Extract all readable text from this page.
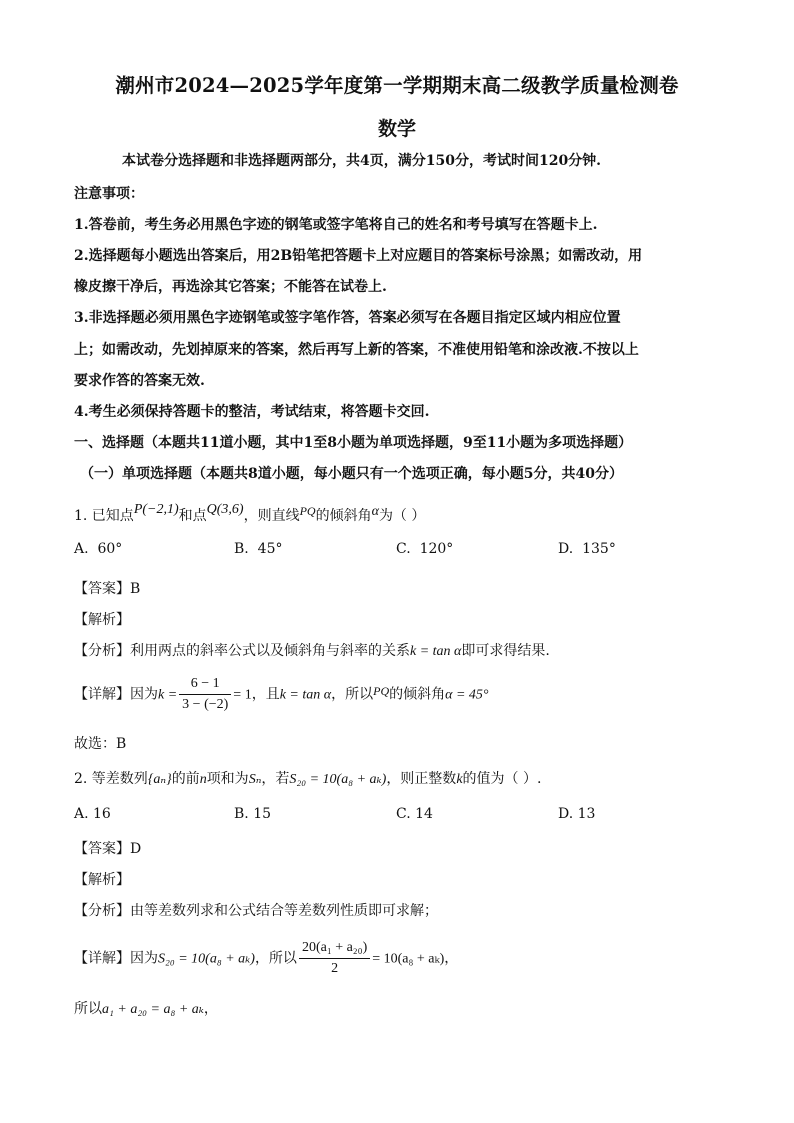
潮州市2024—2025学年度第一学期期末高二级教学质量检测卷
数学
本试卷分选择题和非选择题两部分，共4页，满分150分，考试时间120分钟.
注意事项：
1.答卷前，考生务必用黑色字迹的钢笔或签字笔将自己的姓名和考号填写在答题卡上.
2.选择题每小题选出答案后，用2B铅笔把答题卡上对应题目的答案标号涂黑；如需改动，用
橡皮擦干净后，再选涂其它答案；不能答在试卷上.
3.非选择题必须用黑色字迹钢笔或签字笔作答，答案必须写在各题目指定区域内相应位置
上；如需改动，先划掉原来的答案，然后再写上新的答案，不准使用铅笔和涂改液.不按以上
要求作答的答案无效.
4.考生必须保持答题卡的整洁，考试结束，将答题卡交回.
一、选择题（本题共11道小题，其中1至8小题为单项选择题，9至11小题为多项选择题）
（一）单项选择题（本题共8道小题，每小题只有一个选项正确，每小题5分，共40分）
1. 已知点P(−2,1)和点Q(3,6)，则直线PQ的倾斜角α为（ ）
A. 60°	B. 45°	C. 120°	D. 135°
【答案】B
【解析】
【分析】利用两点的斜率公式以及倾斜角与斜率的关系k = tan α即可求得结果.
【详解】因为$k = \frac{6 - 1}{3 - (-2)} = 1$，且k = tan α，所以PQ的倾斜角α = 45°
故选：B
2. 等差数列{aₙ}的前n项和为Sₙ，若S₂₀ = 10(a₈ + aₖ)，则正整数k的值为（ ）.
A. 16	B. 15	C. 14	D. 13
【答案】D
【解析】
【分析】由等差数列求和公式结合等差数列性质即可求解；
【详解】因为S₂₀ = 10(a₈ + aₖ)，所以 $\frac{\text{20(a₁ + a₂₀)}}{2} = 10(a_8 + a_k)$，
所以a₁ + a₂₀ = a₈ + aₖ，
